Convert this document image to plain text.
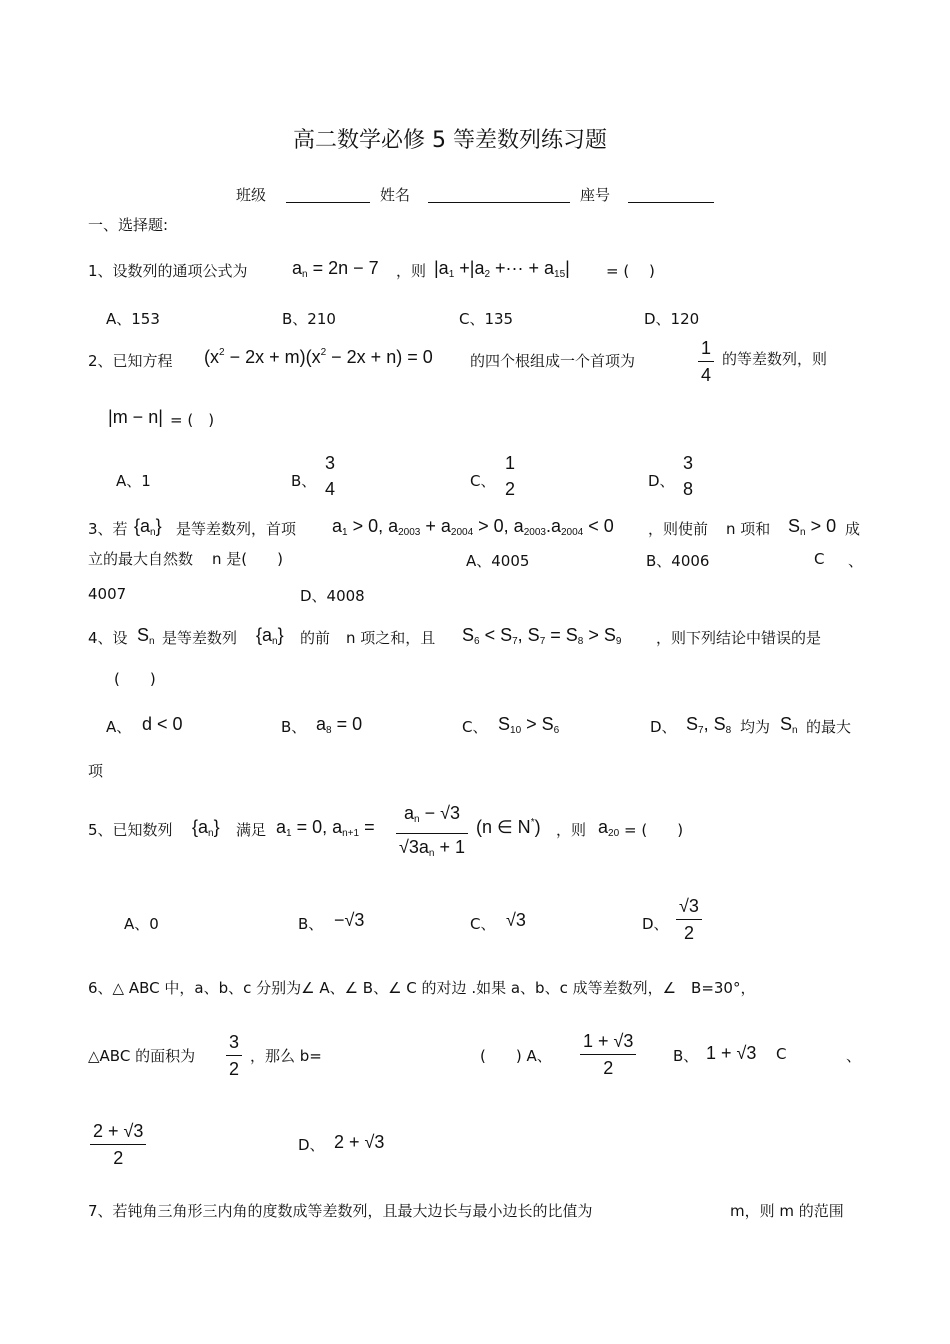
高二数学必修 5 等差数列练习题
班级	姓名	座号
一、选择题:
1、设数列的通项公式为 $a_n = 2n - 7$ ，则 $|a_1 +|a_2$ +··· + $a_{15}|$ = (　 )
A、153	B、210	C、135	D、120
2、已知方程 $(x^2 - 2x + m)(x^2 - 2x + n) = 0$ 的四个根组成一个首项为	$\frac{1}{4}$ 的等差数列，则
|m − n| = (　)
A、1	B、
3
4	C、
1
2	D、
3
8
3、若 $\{a_n\}$ 是等差数列，首项 $a_1 > 0$, $a_{2003} + a_{2004} > 0$, $a_{2003}.a_{2004} < 0$ ，则使前 n 项和 $S_n > 0$ 成
立的最大自然数 n 是(　　)	A、4005	B、4006	C 、
4007	D、4008
4、设 $S_n$ 是等差数列 $\{a_n\}$ 的前 n 项之和，且 $S_6 < S_7$, $S_7 = S_8 > S_9$ ，则下列结论中错误的是
(　　)
A、 d < 0	B、 $a_8 = 0$	C、 $S_{10} > S_6$	D、 $S_7$, $S_8$ 均为 $S_n$ 的最大
项
5、已知数列 $\{a_n\}$ 满足 $a_1 = 0$, $a_{n+1} = \frac{a_n - √3}{√3a_n + 1} (n$ ∈ N*) ，则 $a_{20}$ = (　　)
A、0	B、 −√3	C、 √3	D、 $\frac{√3}{2}$
6、△ ABC 中，a、b、c 分别为∠ A、∠ B、∠ C 的对边 .如果 a、b、c 成等差数列，∠　B=30°，
△ABC 的面积为 $\frac{3}{2}$ ，那么 b=	(　　) A、 $\frac{1 + √3}{2}$ B、 1 + √3 C	、
$\frac{2 + √3}{2}$	D、 2 + √3
7、若钝角三角形三内角的度数成等差数列，且最大边长与最小边长的比值为	m，则 m 的范围
